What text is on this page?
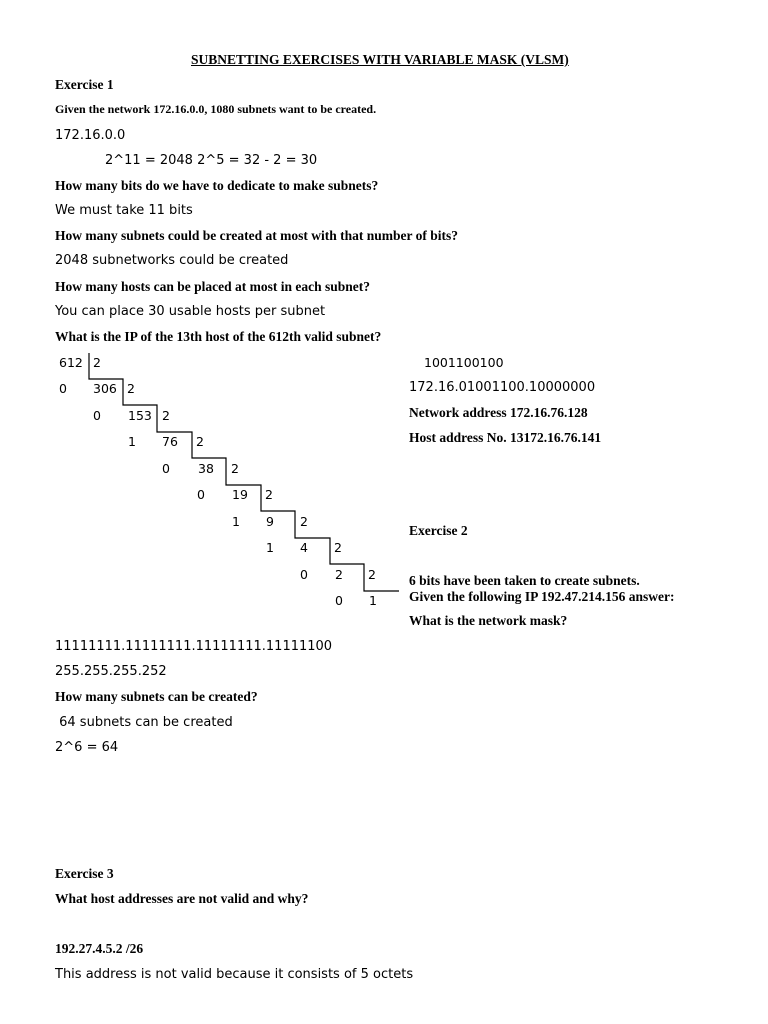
SUBNETTING EXERCISES WITH VARIABLE MASK (VLSM)
Exercise 1
Given the network 172.16.0.0, 1080 subnets want to be created.
172.16.0.0
2^11 = 2048 2^5 = 32 - 2 = 30
How many bits do we have to dedicate to make subnets?
We must take 11 bits
How many subnets could be created at most with that number of bits?
2048 subnetworks could be created
How many hosts can be placed at most in each subnet?
You can place 30 usable hosts per subnet
What is the IP of the 13th host of the 612th valid subnet?
612 2
0 306 2
0 153 2
1 76 2
0 38 2
0 19 2
1 9 2
1 4 2
0 2 2
0 1
1001100100
172.16.01001100.10000000
Network address 172.16.76.128
Host address No. 13172.16.76.141
Exercise 2
6 bits have been taken to create subnets.
Given the following IP 192.47.214.156 answer:
What is the network mask?
11111111.11111111.11111111.11111100
255.255.255.252
How many subnets can be created?
64 subnets can be created
2^6 = 64
Exercise 3
What host addresses are not valid and why?
192.27.4.5.2 /26
This address is not valid because it consists of 5 octets
